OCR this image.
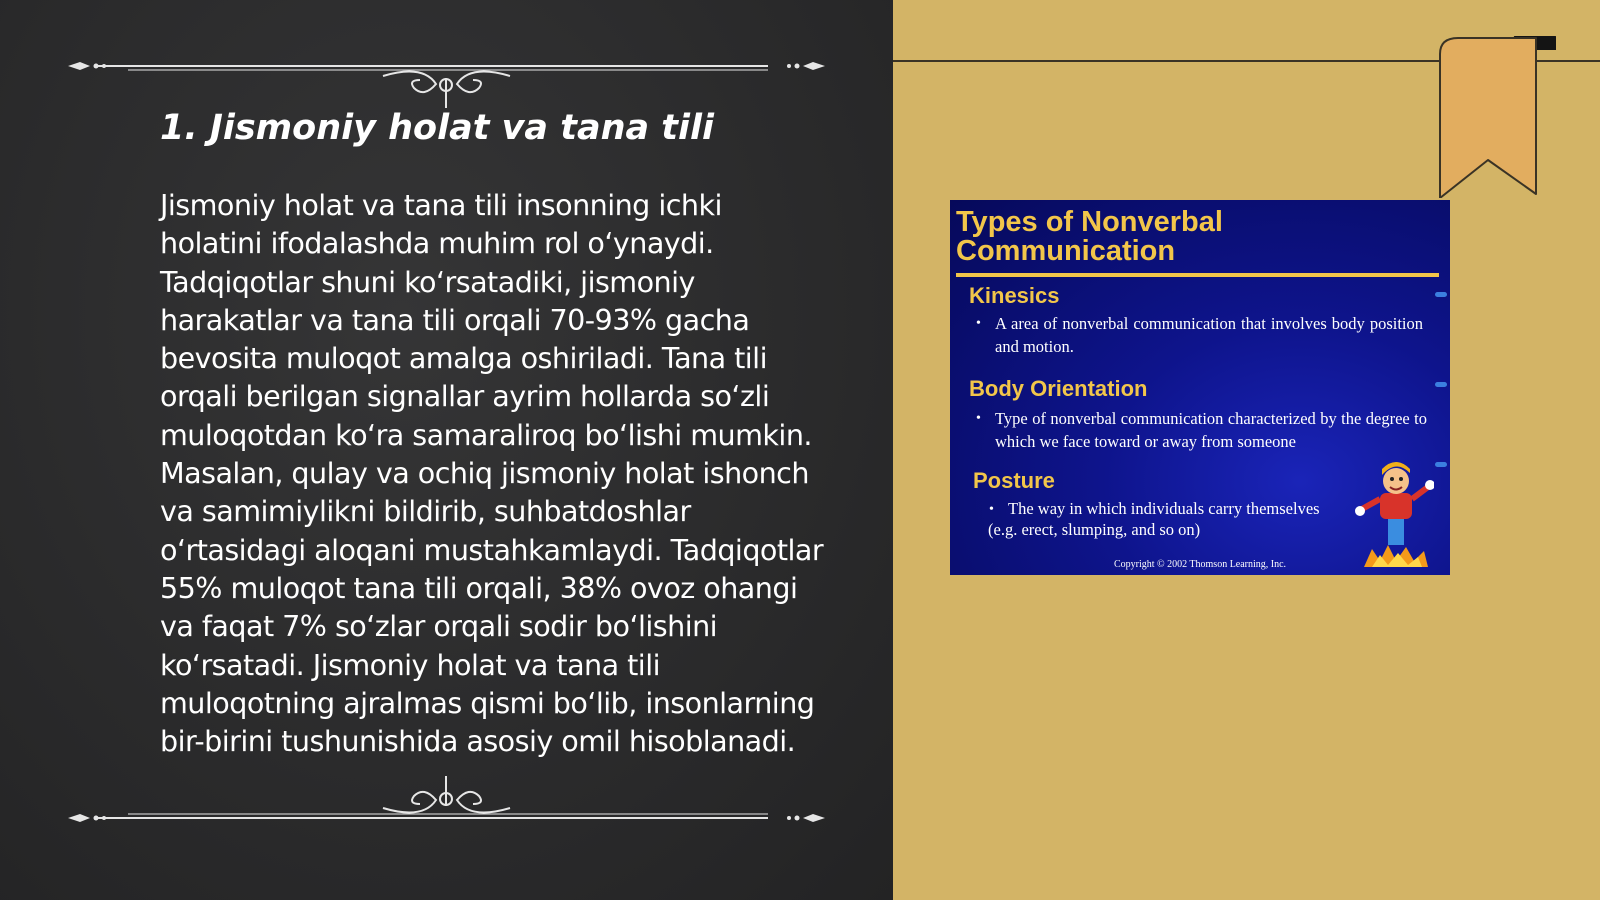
1. Jismoniy holat va tana tili

Jismoniy holat va tana tili insonning ichki holatini ifodalashda muhim rol o‘ynaydi. Tadqiqotlar shuni ko‘rsatadiki, jismoniy harakatlar va tana tili orqali 70-93% gacha bevosita muloqot amalga oshiriladi. Tana tili orqali berilgan signallar ayrim hollarda so‘zli muloqotdan ko‘ra samaraliroq bo‘lishi mumkin. Masalan, qulay va ochiq jismoniy holat ishonch va samimiylikni bildirib, suhbatdoshlar o‘rtasidagi aloqani mustahkamlaydi. Tadqiqotlar 55% muloqot tana tili orqali, 38% ovoz ohangi va faqat 7% so‘zlar orqali sodir bo‘lishini ko‘rsatadi. Jismoniy holat va tana tili muloqotning ajralmas qismi bo‘lib, insonlarning bir-birini tushunishida asosiy omil hisoblanadi.

Types of Nonverbal Communication
Kinesics
• A area of nonverbal communication that involves body position and motion.

Body Orientation
• Type of nonverbal communication characterized by the degree to which we face toward or away from someone

Posture
• The way in which individuals carry themselves (e.g. erect, slumping, and so on)

Copyright © 2002 Thomson Learning, Inc.
